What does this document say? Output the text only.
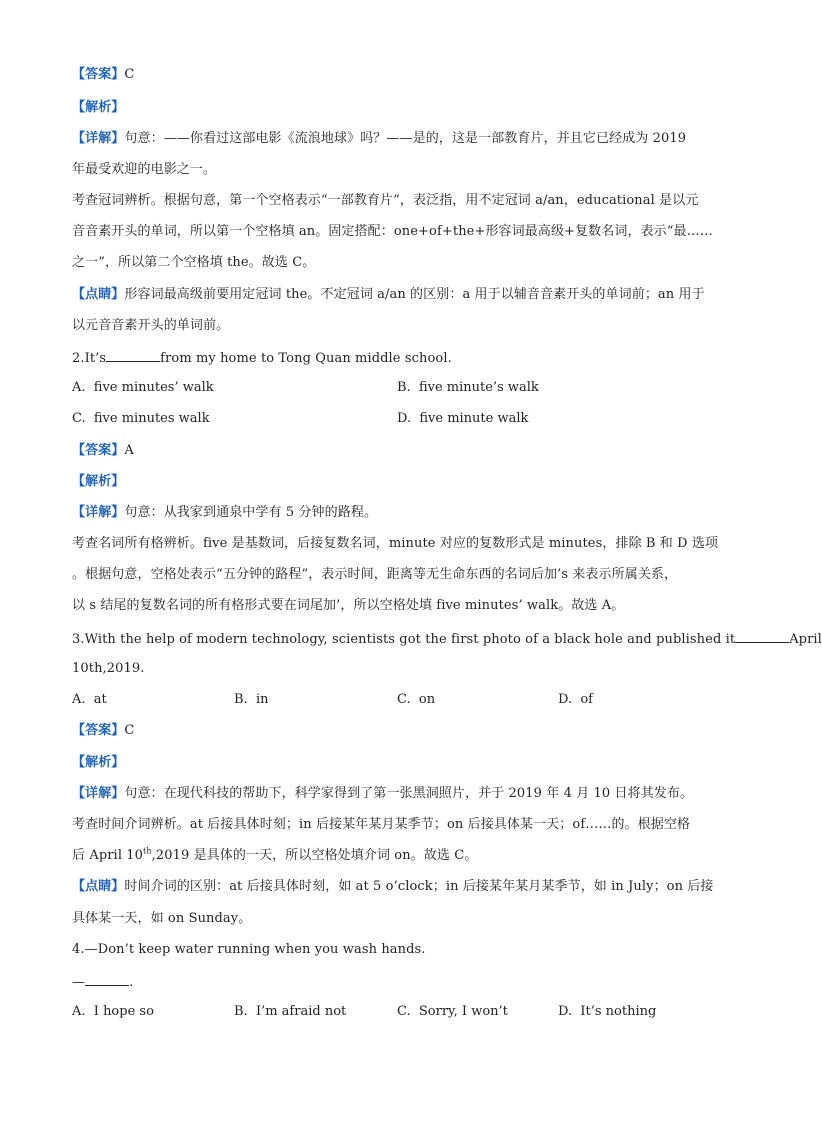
【答案】C
【解析】
【详解】句意：——你看过这部电影《流浪地球》吗？——是的，这是一部教育片，并且它已经成为 2019
年最受欢迎的电影之一。
考查冠词辨析。根据句意，第一个空格表示“一部教育片”，表泛指，用不定冠词 a/an，educational 是以元
音音素开头的单词，所以第一个空格填 an。固定搭配：one+of+the+形容词最高级+复数名词，表示“最……
之一”，所以第二个空格填 the。故选 C。
【点睛】形容词最高级前要用定冠词 the。不定冠词 a/an 的区别：a 用于以辅音音素开头的单词前；an 用于
以元音音素开头的单词前。
2.It’s	from my home to Tong Quan middle school.
A. five minutes’ walk	B. five minute’s walk
C. five minutes walk	D. five minute walk
【答案】A
【解析】
【详解】句意：从我家到通泉中学有 5 分钟的路程。
考查名词所有格辨析。five 是基数词，后接复数名词，minute 对应的复数形式是 minutes，排除 B 和 D 选项
。根据句意，空格处表示“五分钟的路程”，表示时间，距离等无生命东西的名词后加’s 来表示所属关系，
以 s 结尾的复数名词的所有格形式要在词尾加’，所以空格处填 five minutes’ walk。故选 A。
3.With the help of modern technology, scientists got the first photo of a black hole and published it	April
10th,2019.
A. at	B. in	C. on	D. of
【答案】C
【解析】
【详解】句意：在现代科技的帮助下，科学家得到了第一张黑洞照片，并于 2019 年 4 月 10 日将其发布。
考查时间介词辨析。at 后接具体时刻；in 后接某年某月某季节；on 后接具体某一天；of……的。根据空格
后 April 10th,2019 是具体的一天，所以空格处填介词 on。故选 C。
【点睛】时间介词的区别：at 后接具体时刻，如 at 5 o’clock；in 后接某年某月某季节，如 in July；on 后接
具体某一天，如 on Sunday。
4.—Don’t keep water running when you wash hands.
—	.
A. I hope so	B. I’m afraid not	C. Sorry, I won’t	D. It’s nothing
